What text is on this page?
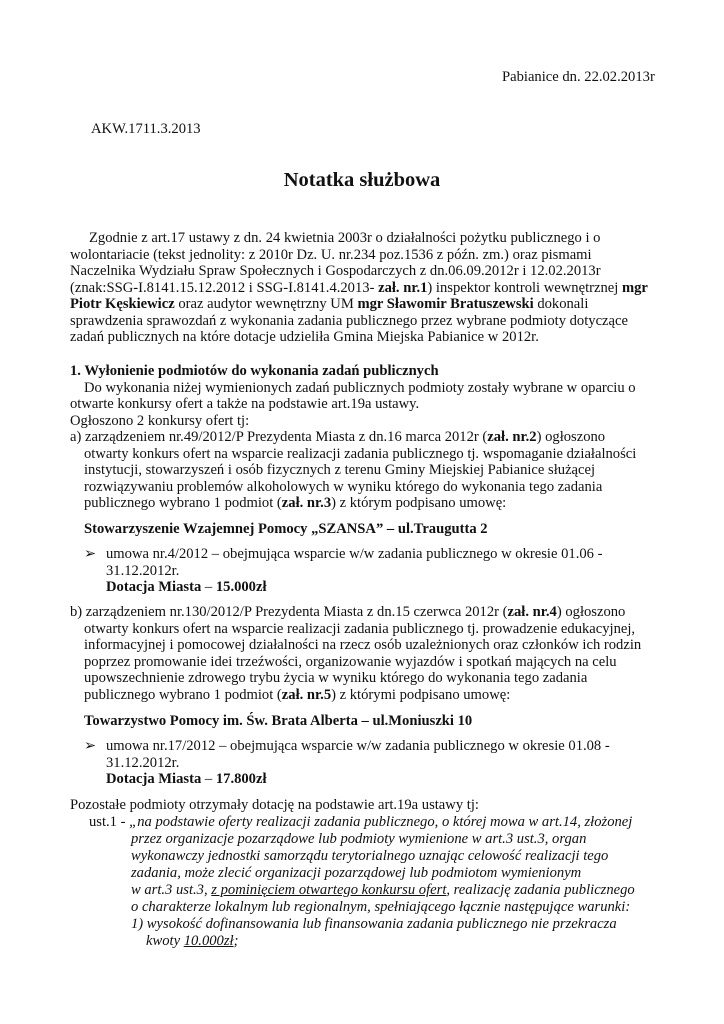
Pabianice dn. 22.02.2013r
AKW.1711.3.2013
Notatka służbowa
Zgodnie z art.17 ustawy z dn. 24 kwietnia 2003r o działalności pożytku publicznego i o
wolontariacie (tekst jednolity: z 2010r Dz. U. nr.234 poz.1536 z późn. zm.) oraz pismami
Naczelnika Wydziału Spraw Społecznych i Gospodarczych z dn.06.09.2012r i 12.02.2013r
(znak:SSG-I.8141.15.12.2012 i SSG-I.8141.4.2013- zał. nr.1) inspektor kontroli wewnętrznej mgr
Piotr Kęskiewicz oraz audytor wewnętrzny UM mgr Sławomir Bratuszewski dokonali
sprawdzenia sprawozdań z wykonania zadania publicznego przez wybrane podmioty dotyczące
zadań publicznych na które dotacje udzieliła Gmina Miejska Pabianice w 2012r.
1. Wyłonienie podmiotów do wykonania zadań publicznych
Do wykonania niżej wymienionych zadań publicznych podmioty zostały wybrane w oparciu o
otwarte konkursy ofert a także na podstawie art.19a ustawy.
Ogłoszono 2 konkursy ofert tj:
a) zarządzeniem nr.49/2012/P Prezydenta Miasta z dn.16 marca 2012r (zał. nr.2) ogłoszono
otwarty konkurs ofert na wsparcie realizacji zadania publicznego tj. wspomaganie działalności
instytucji, stowarzyszeń i osób fizycznych z terenu Gminy Miejskiej Pabianice służącej
rozwiązywaniu problemów alkoholowych w wyniku którego do wykonania tego zadania
publicznego wybrano 1 podmiot (zał. nr.3) z którym podpisano umowę:
Stowarzyszenie Wzajemnej Pomocy „SZANSA” – ul.Traugutta 2
➢ umowa nr.4/2012 – obejmująca wsparcie w/w zadania publicznego w okresie 01.06 -
31.12.2012r.
Dotacja Miasta – 15.000zł
b) zarządzeniem nr.130/2012/P Prezydenta Miasta z dn.15 czerwca 2012r (zał. nr.4) ogłoszono
otwarty konkurs ofert na wsparcie realizacji zadania publicznego tj. prowadzenie edukacyjnej,
informacyjnej i pomocowej działalności na rzecz osób uzależnionych oraz członków ich rodzin
poprzez promowanie idei trzeźwości, organizowanie wyjazdów i spotkań mających na celu
upowszechnienie zdrowego trybu życia w wyniku którego do wykonania tego zadania
publicznego wybrano 1 podmiot (zał. nr.5) z którymi podpisano umowę:
Towarzystwo Pomocy im. Św. Brata Alberta – ul.Moniuszki 10
➢ umowa nr.17/2012 – obejmująca wsparcie w/w zadania publicznego w okresie 01.08 -
31.12.2012r.
Dotacja Miasta – 17.800zł
Pozostałe podmioty otrzymały dotację na podstawie art.19a ustawy tj:
ust.1 - „na podstawie oferty realizacji zadania publicznego, o której mowa w art.14, złożonej
przez organizacje pozarządowe lub podmioty wymienione w art.3 ust.3, organ
wykonawczy jednostki samorządu terytorialnego uznając celowość realizacji tego
zadania, może zlecić organizacji pozarządowej lub podmiotom wymienionym
w art.3 ust.3, z pominięciem otwartego konkursu ofert, realizację zadania publicznego
o charakterze lokalnym lub regionalnym, spełniającego łącznie następujące warunki:
1) wysokość dofinansowania lub finansowania zadania publicznego nie przekracza
kwoty 10.000zł;
